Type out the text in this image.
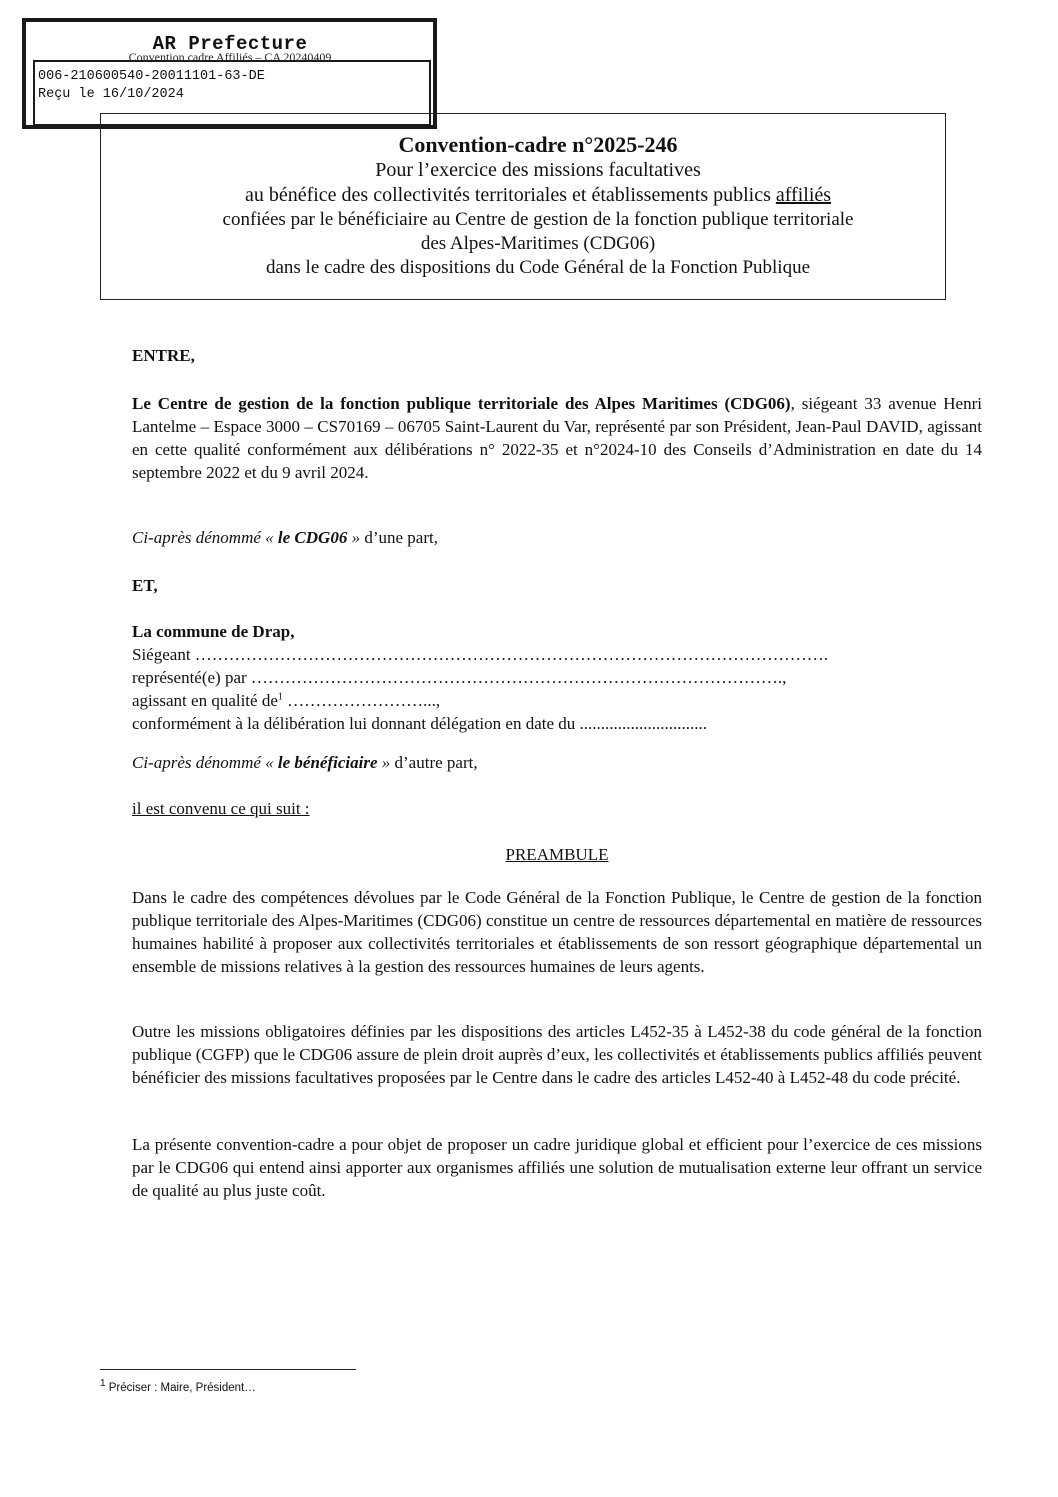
AR Prefecture
Convention cadre Affiliés – CA 20240409
006-210600540-20011101-63-DE
Reçu le 16/10/2024
Convention-cadre n°2025-246
Pour l’exercice des missions facultatives
au bénéfice des collectivités territoriales et établissements publics affiliés
confiées par le bénéficiaire au Centre de gestion de la fonction publique territoriale
des Alpes-Maritimes (CDG06)
dans le cadre des dispositions du Code Général de la Fonction Publique
ENTRE,
Le Centre de gestion de la fonction publique territoriale des Alpes Maritimes (CDG06), siégeant 33 avenue Henri Lantelme – Espace 3000 – CS70169 – 06705 Saint-Laurent du Var, représenté par son Président, Jean-Paul DAVID, agissant en cette qualité conformément aux délibérations n° 2022-35 et n°2024-10 des Conseils d’Administration en date du 14 septembre 2022 et du 9 avril 2024.
Ci-après dénommé « le CDG06 » d’une part,
ET,
La commune de Drap,
Siégeant ………………………………………………………………………………………………….
représenté(e) par ………………………………………………………………………………….,
agissant en qualité $de^1$ ……………………...,
conformément à la délibération lui donnant délégation en date du ..............................
Ci-après dénommé « le bénéficiaire » d’autre part,
il est convenu ce qui suit :
PREAMBULE
Dans le cadre des compétences dévolues par le Code Général de la Fonction Publique, le Centre de gestion de la fonction publique territoriale des Alpes-Maritimes (CDG06) constitue un centre de ressources départemental en matière de ressources humaines habilité à proposer aux collectivités territoriales et établissements de son ressort géographique départemental un ensemble de missions relatives à la gestion des ressources humaines de leurs agents.
Outre les missions obligatoires définies par les dispositions des articles L452-35 à L452-38 du code général de la fonction publique (CGFP) que le CDG06 assure de plein droit auprès d’eux, les collectivités et établissements publics affiliés peuvent bénéficier des missions facultatives proposées par le Centre dans le cadre des articles L452-40 à L452-48 du code précité.
La présente convention-cadre a pour objet de proposer un cadre juridique global et efficient pour l’exercice de ces missions par le CDG06 qui entend ainsi apporter aux organismes affiliés une solution de mutualisation externe leur offrant un service de qualité au plus juste coût.
$^1$ Préciser : Maire, Président…
